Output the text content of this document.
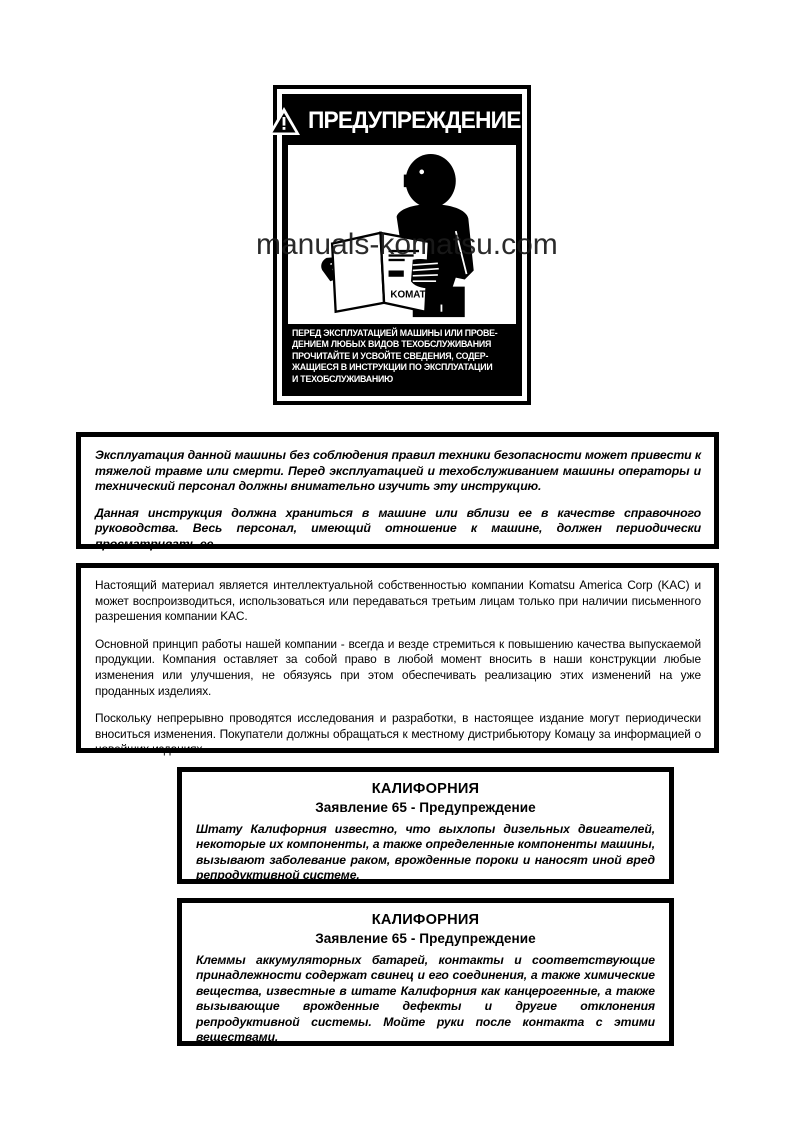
ПРЕДУПРЕЖДЕНИЕ
KOMATSU
ПЕРЕД ЭКСПЛУАТАЦИЕЙ МАШИНЫ ИЛИ ПРОВЕ-
ДЕНИЕМ ЛЮБЫХ ВИДОВ ТЕХОБСЛУЖИВАНИЯ
ПРОЧИТАЙТЕ И УСВОЙТЕ СВЕДЕНИЯ, СОДЕР-
ЖАЩИЕСЯ В ИНСТРУКЦИИ ПО ЭКСПЛУАТАЦИИ
И ТЕХОБСЛУЖИВАНИЮ
manuals-komatsu.com

Эксплуатация данной машины без соблюдения правил техники безопасности может привести к тяжелой травме или смерти. Перед эксплуатацией и техобслуживанием машины операторы и технический персонал должны внимательно изучить эту инструкцию.

Данная инструкция должна храниться в машине или вблизи ее в качестве справочного руководства. Весь персонал, имеющий отношение к машине, должен периодически просматривать ее.

Настоящий материал является интеллектуальной собственностью компании Komatsu America Corp (KAC) и может воспроизводиться, использоваться или передаваться третьим лицам только при наличии письменного разрешения компании KAC.

Основной принцип работы нашей компании - всегда и везде стремиться к повышению качества выпускаемой продукции. Компания оставляет за собой право в любой момент вносить в наши конструкции любые изменения или улучшения, не обязуясь при этом обеспечивать реализацию этих изменений на уже проданных изделиях.

Поскольку непрерывно проводятся исследования и разработки, в настоящее издание могут периодически вноситься изменения. Покупатели должны обращаться к местному дистрибьютору Комацу за информацией о новейших изданиях.

КАЛИФОРНИЯ
Заявление 65 - Предупреждение

Штату Калифорния известно, что выхлопы дизельных двигателей, некоторые их компоненты, а также определенные компоненты машины, вызывают заболевание раком, врожденные пороки и наносят иной вред репродуктивной системе.

КАЛИФОРНИЯ
Заявление 65 - Предупреждение

Клеммы аккумуляторных батарей, контакты и соответствующие принадлежности содержат свинец и его соединения, а также химические вещества, известные в штате Калифорния как канцерогенные, а также вызывающие врожденные дефекты и другие отклонения репродуктивной системы. Мойте руки после контакта с этими веществами.
